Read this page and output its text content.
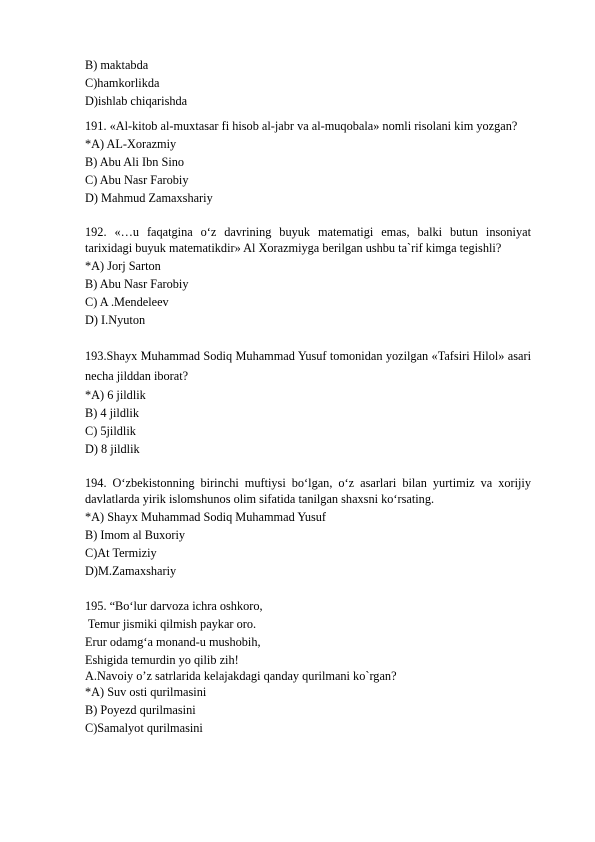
B) maktabda
C)hamkorlikda
D)ishlab chiqarishda
191. «Al-kitob al-muxtasar fi hisob al-jabr va al-muqobala» nomli risolani kim yozgan?
*A) AL-Xorazmiy
B) Abu Ali Ibn Sino
C) Abu Nasr Farobiy
D) Mahmud Zamaxshariy
192. «…u faqatgina o‘z davrining buyuk matematigi emas, balki butun insoniyat tarixidagi buyuk matematikdir» Al Xorazmiyga berilgan ushbu ta`rif kimga tegishli?
*A) Jorj Sarton
B) Abu Nasr Farobiy
C) A .Mendeleev
D) I.Nyuton
193.Shayx Muhammad Sodiq Muhammad Yusuf tomonidan yozilgan «Tafsiri Hilol» asari necha jilddan iborat?
*A) 6 jildlik
B) 4 jildlik
C) 5jildlik
D) 8 jildlik
194. O‘zbekistonning birinchi muftiysi bo‘lgan, o‘z asarlari bilan yurtimiz va xorijiy davlatlarda yirik islomshunos olim sifatida tanilgan shaxsni ko‘rsating.
*A) Shayx Muhammad Sodiq Muhammad Yusuf
B) Imom al Buxoriy
C)At Termiziy
D)M.Zamaxshariy
195. “Bo‘lur darvoza ichra oshkoro,
Temur jismiki qilmish paykar oro.
Erur odamg‘a monand-u mushobih,
Eshigida temurdin yo qilib zih!
A.Navoiy o’z satrlarida kelajakdagi qanday qurilmani ko`rgan?
*A) Suv osti qurilmasini
B) Poyezd qurilmasini
C)Samalyot qurilmasini
